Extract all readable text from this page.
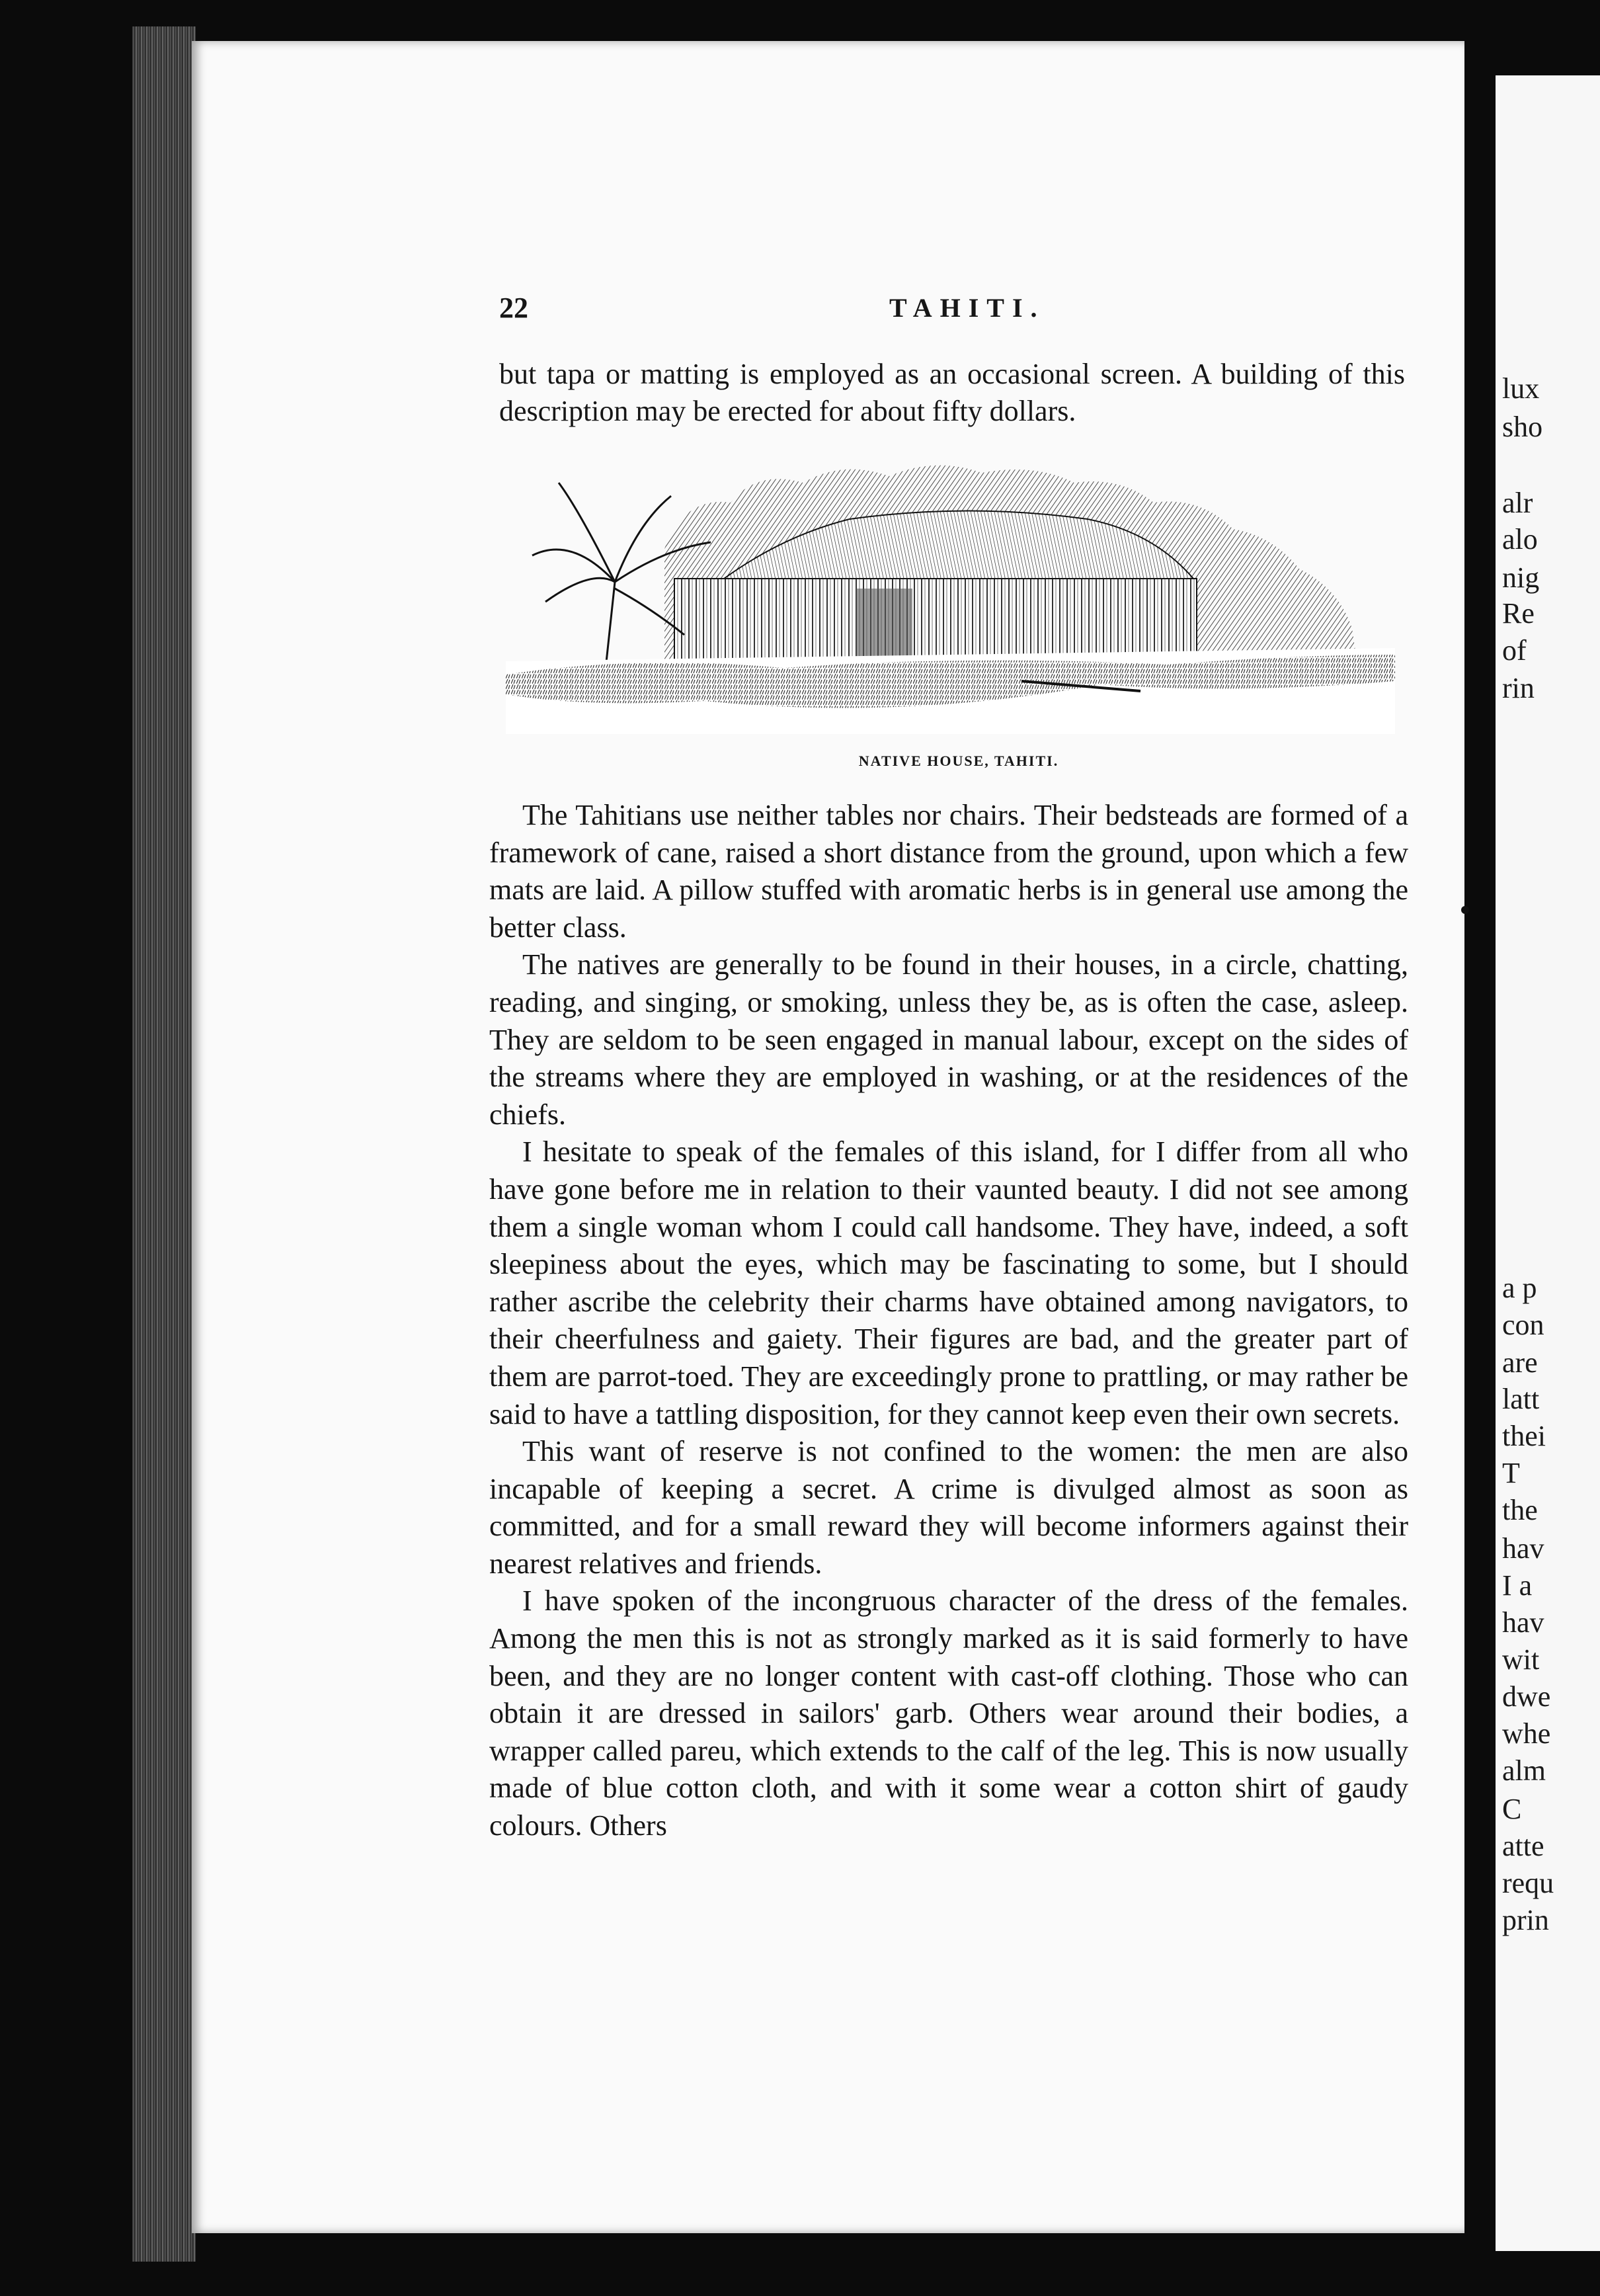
lux
sho
alr
alo
nig
Re
of
rin
a p
con
are
latt
thei
T
the
hav
I a
hav
wit
dwe
whe
alm
C
atte
requ
prin
22	TAHITI.
but tapa or matting is employed as an occasional screen. A building of this description may be erected for about fifty dollars.
NATIVE HOUSE, TAHITI.

The Tahitians use neither tables nor chairs. Their bedsteads are formed of a framework of cane, raised a short distance from the ground, upon which a few mats are laid. A pillow stuffed with aromatic herbs is in general use among the better class.

The natives are generally to be found in their houses, in a circle, chatting, reading, and singing, or smoking, unless they be, as is often the case, asleep. They are seldom to be seen engaged in manual labour, except on the sides of the streams where they are employed in washing, or at the residences of the chiefs.

I hesitate to speak of the females of this island, for I differ from all who have gone before me in relation to their vaunted beauty. I did not see among them a single woman whom I could call handsome. They have, indeed, a soft sleepiness about the eyes, which may be fascinating to some, but I should rather ascribe the celebrity their charms have obtained among navigators, to their cheerfulness and gaiety. Their figures are bad, and the greater part of them are parrot-toed. They are exceedingly prone to prattling, or may rather be said to have a tattling disposition, for they cannot keep even their own secrets.

This want of reserve is not confined to the women: the men are also incapable of keeping a secret. A crime is divulged almost as soon as committed, and for a small reward they will become informers against their nearest relatives and friends.

I have spoken of the incongruous character of the dress of the females. Among the men this is not as strongly marked as it is said formerly to have been, and they are no longer content with cast-off clothing. Those who can obtain it are dressed in sailors' garb. Others wear around their bodies, a wrapper called pareu, which extends to the calf of the leg. This is now usually made of blue cotton cloth, and with it some wear a cotton shirt of gaudy colours. Others
